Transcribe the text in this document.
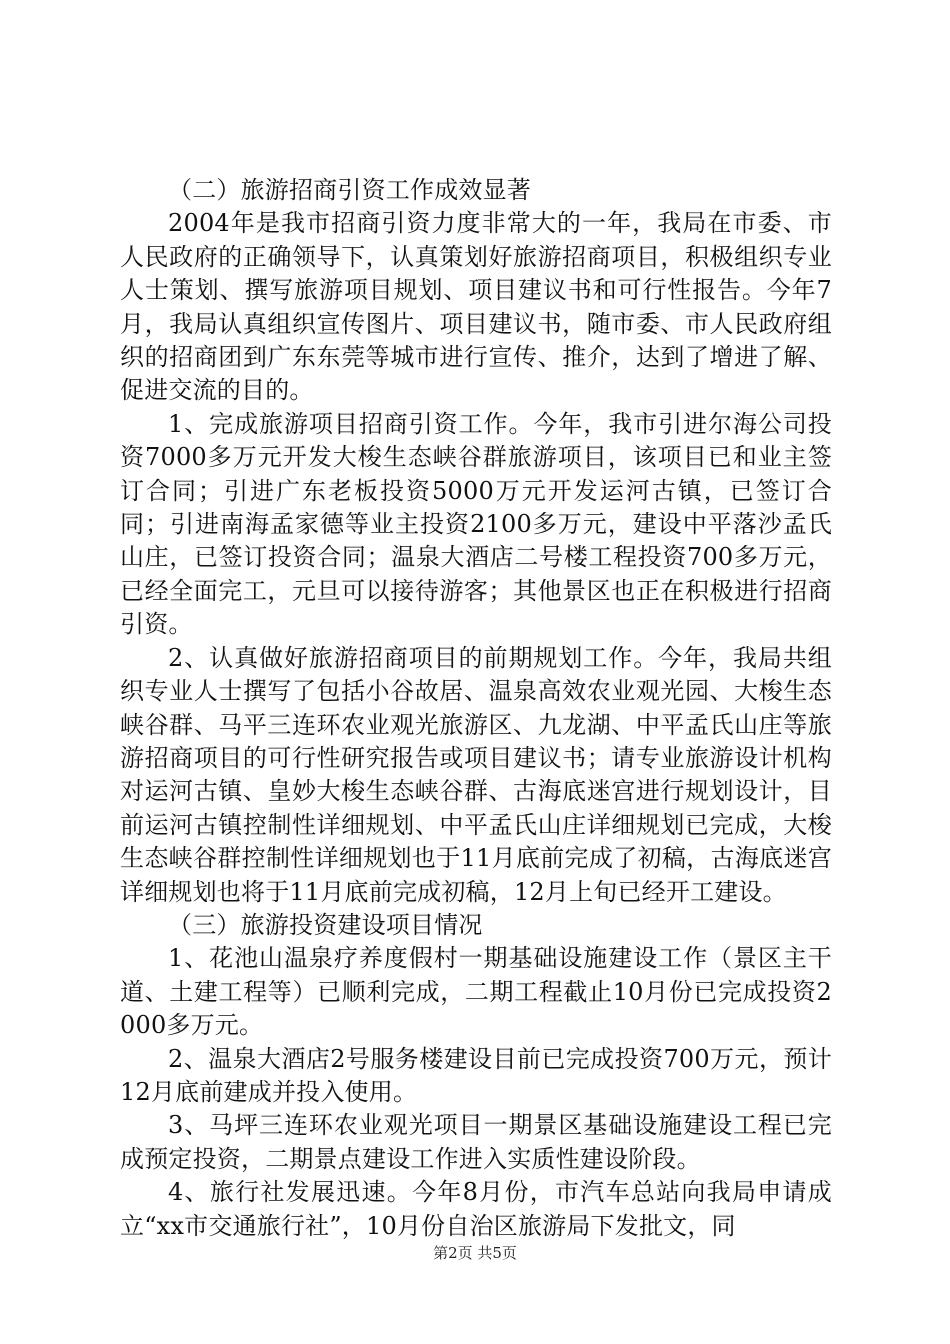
（二）旅游招商引资工作成效显著

2004年是我市招商引资力度非常大的一年，我局在市委、市人民政府的正确领导下，认真策划好旅游招商项目，积极组织专业人士策划、撰写旅游项目规划、项目建议书和可行性报告。今年7月，我局认真组织宣传图片、项目建议书，随市委、市人民政府组织的招商团到广东东莞等城市进行宣传、推介，达到了增进了解、促进交流的目的。

1、完成旅游项目招商引资工作。今年，我市引进尔海公司投资7000多万元开发大梭生态峡谷群旅游项目，该项目已和业主签订合同；引进广东老板投资5000万元开发运河古镇，已签订合同；引进南海孟家德等业主投资2100多万元，建设中平落沙孟氏山庄，已签订投资合同；温泉大酒店二号楼工程投资700多万元，已经全面完工，元旦可以接待游客；其他景区也正在积极进行招商引资。

2、认真做好旅游招商项目的前期规划工作。今年，我局共组织专业人士撰写了包括小谷故居、温泉高效农业观光园、大梭生态峡谷群、马平三连环农业观光旅游区、九龙湖、中平孟氏山庄等旅游招商项目的可行性研究报告或项目建议书；请专业旅游设计机构对运河古镇、皇妙大梭生态峡谷群、古海底迷宫进行规划设计，目前运河古镇控制性详细规划、中平孟氏山庄详细规划已完成，大梭生态峡谷群控制性详细规划也于11月底前完成了初稿，古海底迷宫详细规划也将于11月底前完成初稿，12月上旬已经开工建设。

（三）旅游投资建设项目情况

1、花池山温泉疗养度假村一期基础设施建设工作（景区主干道、土建工程等）已顺利完成，二期工程截止10月份已完成投资2000多万元。

2、温泉大酒店2号服务楼建设目前已完成投资700万元，预计12月底前建成并投入使用。

3、马坪三连环农业观光项目一期景区基础设施建设工程已完成预定投资，二期景点建设工作进入实质性建设阶段。

4、旅行社发展迅速。今年8月份，市汽车总站向我局申请成立“xx市交通旅行社”，10月份自治区旅游局下发批文，同

第2页 共5页
